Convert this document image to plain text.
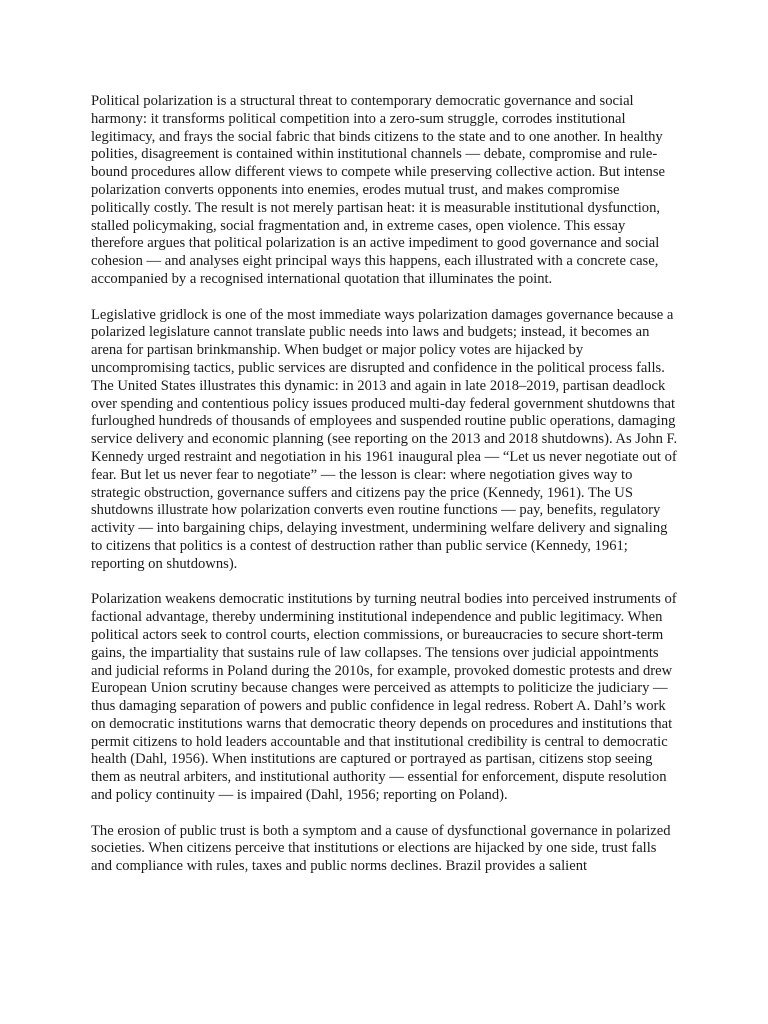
Political polarization is a structural threat to contemporary democratic governance and social harmony: it transforms political competition into a zero-sum struggle, corrodes institutional legitimacy, and frays the social fabric that binds citizens to the state and to one another. In healthy polities, disagreement is contained within institutional channels — debate, compromise and rule-bound procedures allow different views to compete while preserving collective action. But intense polarization converts opponents into enemies, erodes mutual trust, and makes compromise politically costly. The result is not merely partisan heat: it is measurable institutional dysfunction, stalled policymaking, social fragmentation and, in extreme cases, open violence. This essay therefore argues that political polarization is an active impediment to good governance and social cohesion — and analyses eight principal ways this happens, each illustrated with a concrete case, accompanied by a recognised international quotation that illuminates the point.

Legislative gridlock is one of the most immediate ways polarization damages governance because a polarized legislature cannot translate public needs into laws and budgets; instead, it becomes an arena for partisan brinkmanship. When budget or major policy votes are hijacked by uncompromising tactics, public services are disrupted and confidence in the political process falls. The United States illustrates this dynamic: in 2013 and again in late 2018–2019, partisan deadlock over spending and contentious policy issues produced multi-day federal government shutdowns that furloughed hundreds of thousands of employees and suspended routine public operations, damaging service delivery and economic planning (see reporting on the 2013 and 2018 shutdowns). As John F. Kennedy urged restraint and negotiation in his 1961 inaugural plea — “Let us never negotiate out of fear. But let us never fear to negotiate” — the lesson is clear: where negotiation gives way to strategic obstruction, governance suffers and citizens pay the price (Kennedy, 1961). The US shutdowns illustrate how polarization converts even routine functions — pay, benefits, regulatory activity — into bargaining chips, delaying investment, undermining welfare delivery and signaling to citizens that politics is a contest of destruction rather than public service (Kennedy, 1961; reporting on shutdowns).

Polarization weakens democratic institutions by turning neutral bodies into perceived instruments of factional advantage, thereby undermining institutional independence and public legitimacy. When political actors seek to control courts, election commissions, or bureaucracies to secure short-term gains, the impartiality that sustains rule of law collapses. The tensions over judicial appointments and judicial reforms in Poland during the 2010s, for example, provoked domestic protests and drew European Union scrutiny because changes were perceived as attempts to politicize the judiciary — thus damaging separation of powers and public confidence in legal redress. Robert A. Dahl’s work on democratic institutions warns that democratic theory depends on procedures and institutions that permit citizens to hold leaders accountable and that institutional credibility is central to democratic health (Dahl, 1956). When institutions are captured or portrayed as partisan, citizens stop seeing them as neutral arbiters, and institutional authority — essential for enforcement, dispute resolution and policy continuity — is impaired (Dahl, 1956; reporting on Poland).

The erosion of public trust is both a symptom and a cause of dysfunctional governance in polarized societies. When citizens perceive that institutions or elections are hijacked by one side, trust falls and compliance with rules, taxes and public norms declines. Brazil provides a salient
